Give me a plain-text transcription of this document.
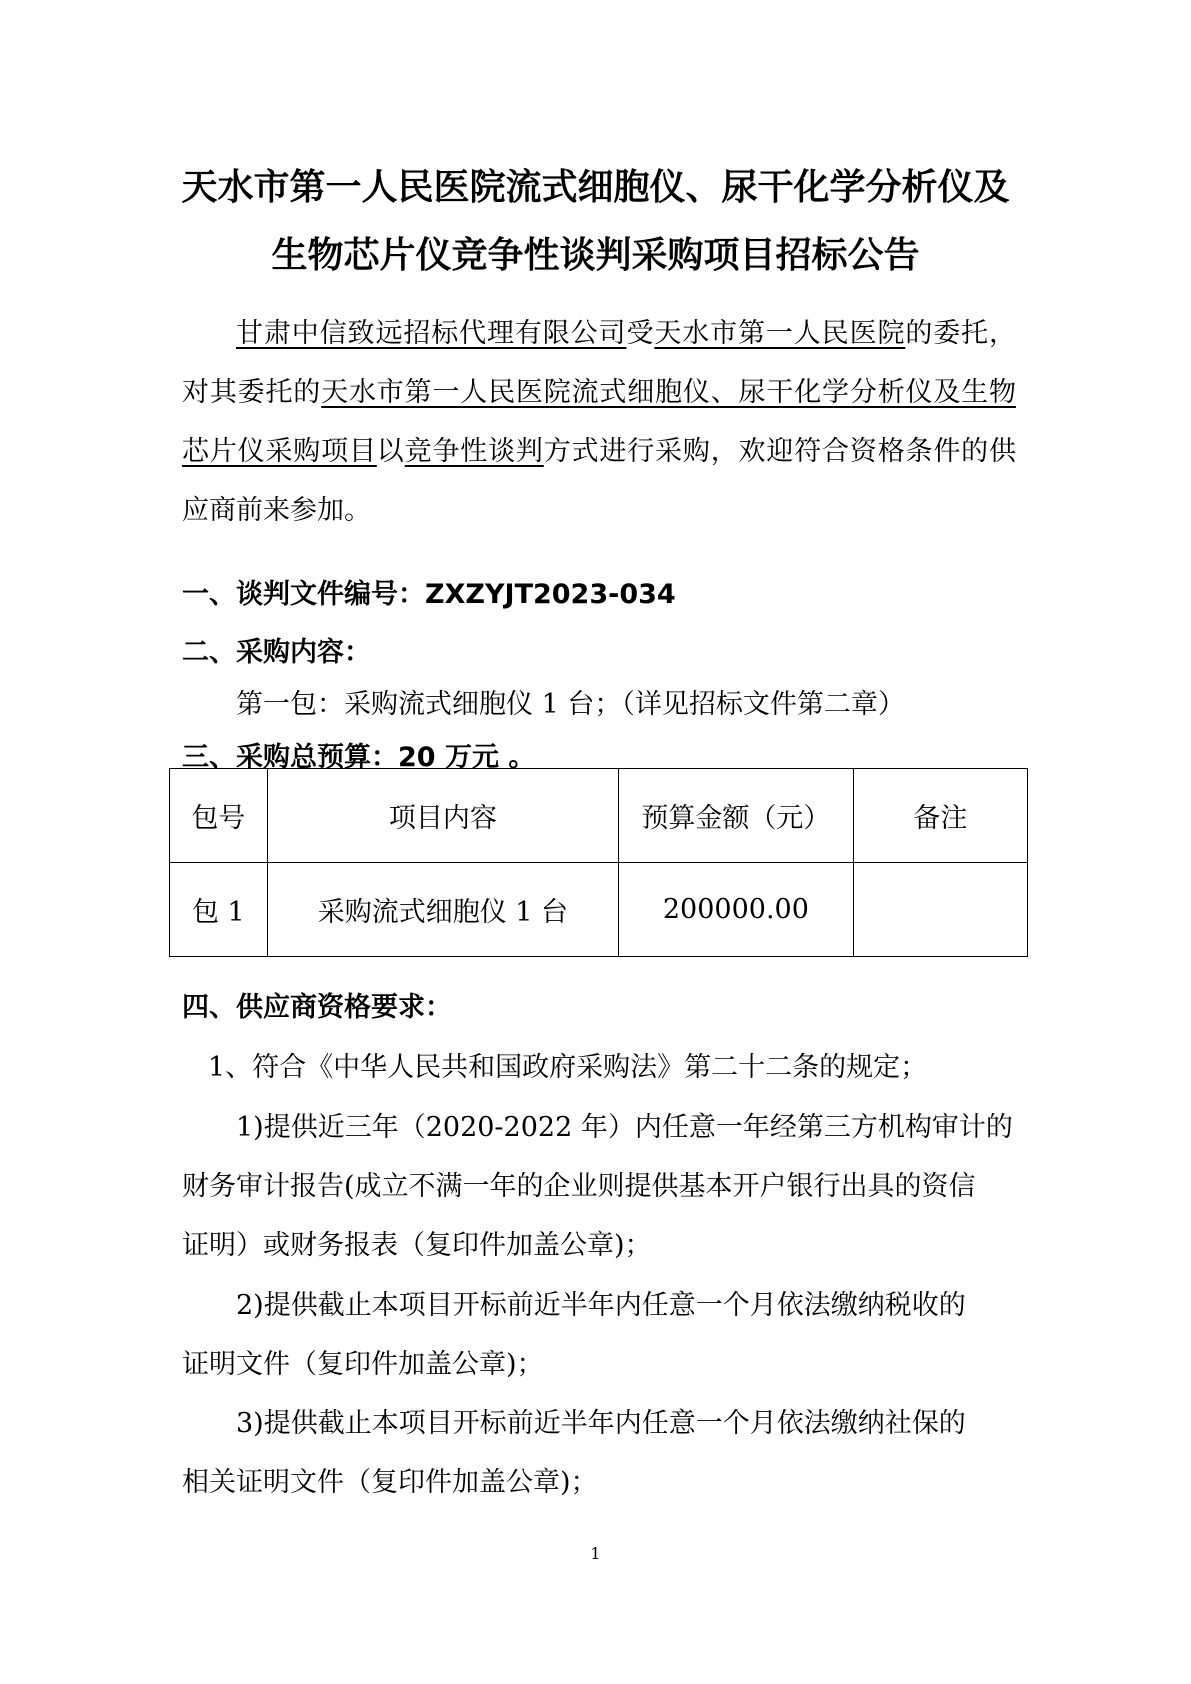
天水市第一人民医院流式细胞仪、尿干化学分析仪及
生物芯片仪竞争性谈判采购项目招标公告
甘肃中信致远招标代理有限公司受天水市第一人民医院的委托，对其委托的天水市第一人民医院流式细胞仪、尿干化学分析仪及生物芯片仪采购项目以竞争性谈判方式进行采购，欢迎符合资格条件的供应商前来参加。
一、谈判文件编号：ZXZYJT2023-034
二、采购内容：
第一包：采购流式细胞仪 1 台；（详见招标文件第二章）
三、采购总预算：20 万元 。
包号	项目内容	预算金额（元）	备注
包 1	采购流式细胞仪 1 台	200000.00	
四、供应商资格要求：
1、符合《中华人民共和国政府采购法》第二十二条的规定；
1)提供近三年（2020-2022 年）内任意一年经第三方机构审计的
财务审计报告(成立不满一年的企业则提供基本开户银行出具的资信
证明）或财务报表（复印件加盖公章)；
2)提供截止本项目开标前近半年内任意一个月依法缴纳税收的
证明文件（复印件加盖公章)；
3)提供截止本项目开标前近半年内任意一个月依法缴纳社保的
相关证明文件（复印件加盖公章)；
1
